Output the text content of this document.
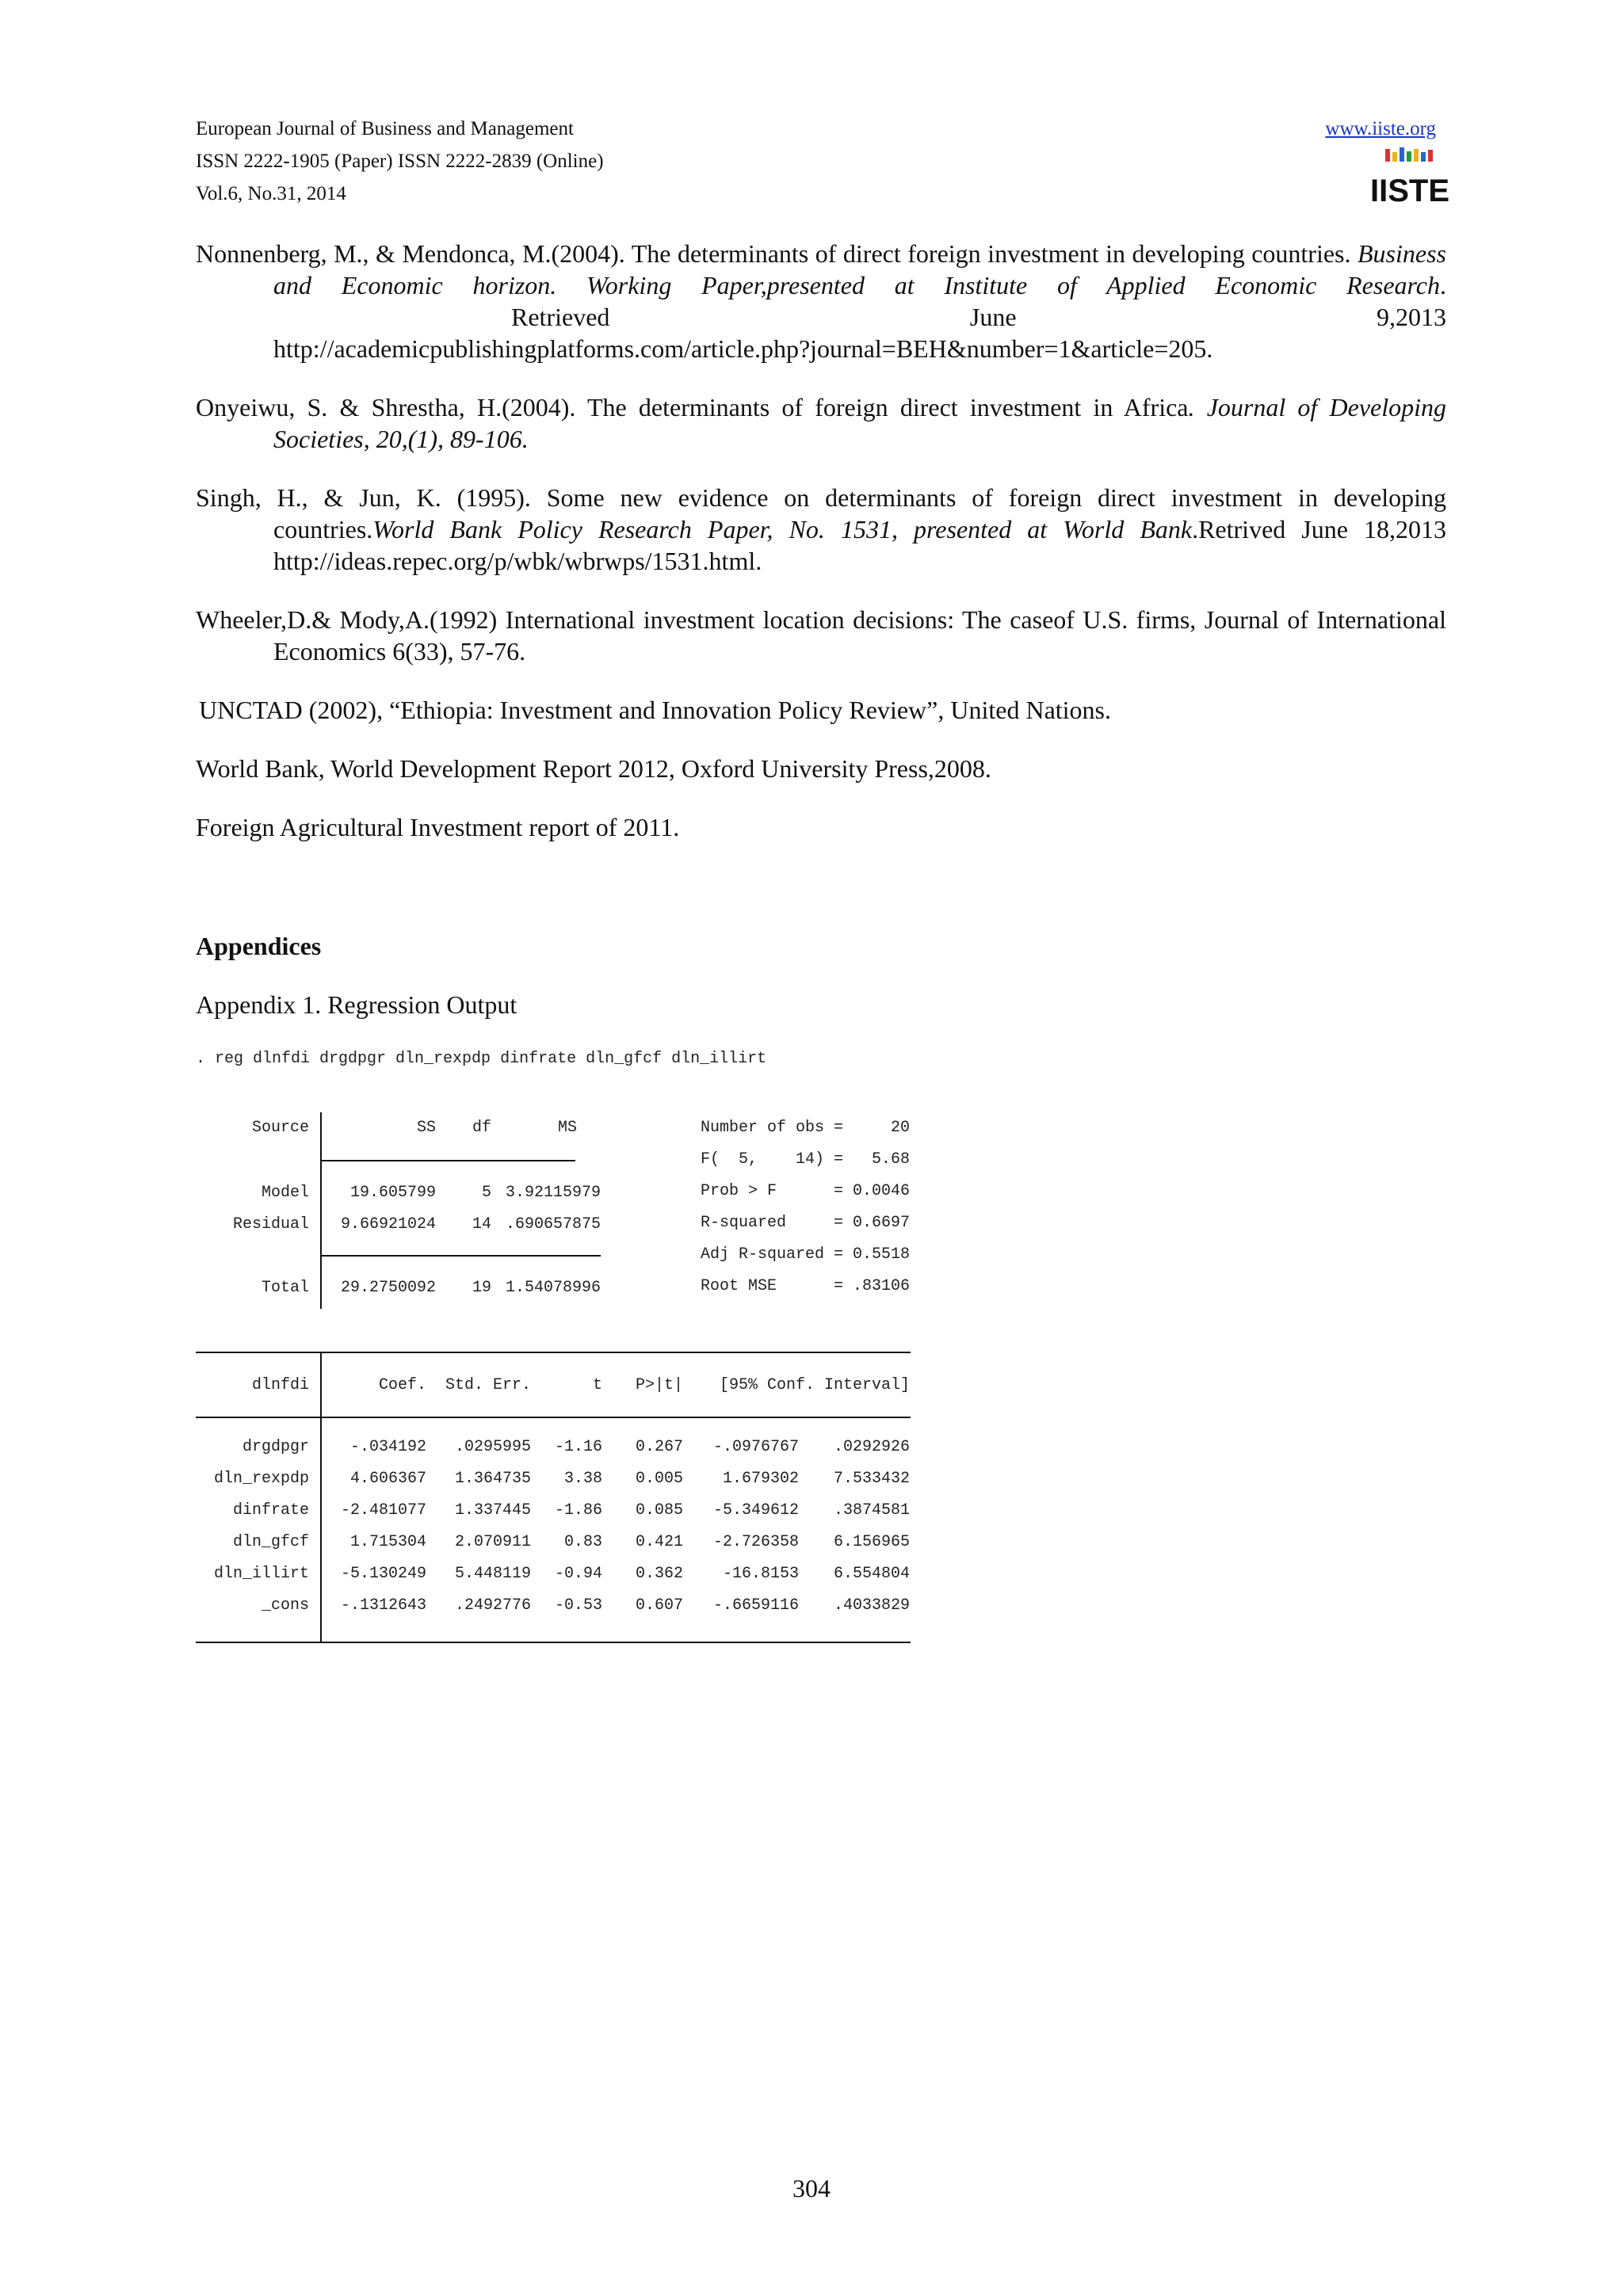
European Journal of Business and Management
ISSN 2222-1905 (Paper) ISSN 2222-2839 (Online)
Vol.6, No.31, 2014
www.iiste.org
IISTE
Nonnenberg, M., & Mendonca, M.(2004). The determinants of direct foreign investment in developing countries. Business and Economic horizon. Working Paper,presented at Institute of Applied Economic Research. Retrieved	June	9,2013 http://academicpublishingplatforms.com/article.php?journal=BEH&number=1&article=205.
Onyeiwu, S. & Shrestha, H.(2004). The determinants of foreign direct investment in Africa. Journal of Developing Societies, 20,(1), 89-106.
Singh, H., & Jun, K. (1995). Some new evidence on determinants of foreign direct investment in developing countries.World Bank Policy Research Paper, No. 1531, presented at World Bank.Retrived June 18,2013 http://ideas.repec.org/p/wbk/wbrwps/1531.html.
Wheeler,D.& Mody,A.(1992) International investment location decisions: The caseof U.S. firms, Journal of International Economics 6(33), 57-76.
UNCTAD (2002), “Ethiopia: Investment and Innovation Policy Review”, United Nations.
World Bank, World Development Report 2012, Oxford University Press,2008.
Foreign Agricultural Investment report of 2011.
Appendices
Appendix 1. Regression Output
. reg dlnfdi drgdpgr dln_rexpdp dinfrate dln_gfcf dln_illirt
Source	SS	df	MS
Model	19.605799	5 3.92115979
Residual	9.66921024	14 .690657875
Total	29.2750092	19 1.54078996
Number of obs =	20
F(  5,    14) =	5.68
Prob > F      = 0.0046
R-squared     = 0.6697
Adj R-squared = 0.5518
Root MSE      = .83106
dlnfdi	Coef.	Std. Err.	t	P>|t|	[95% Conf. Interval]
drgdpgr	-.034192	.0295995 -1.16	0.267	-.0976767	.0292926
dln_rexpdp	4.606367	1.364735	3.38	0.005	1.679302	7.533432
dinfrate -2.481077	1.337445 -1.86	0.085	-5.349612	.3874581
dln_gfcf	1.715304	2.070911	0.83	0.421	-2.726358	6.156965
dln_illirt -5.130249	5.448119 -0.94	0.362	-16.8153	6.554804
_cons -.1312643	.2492776 -0.53	0.607	-.6659116	.4033829
304
